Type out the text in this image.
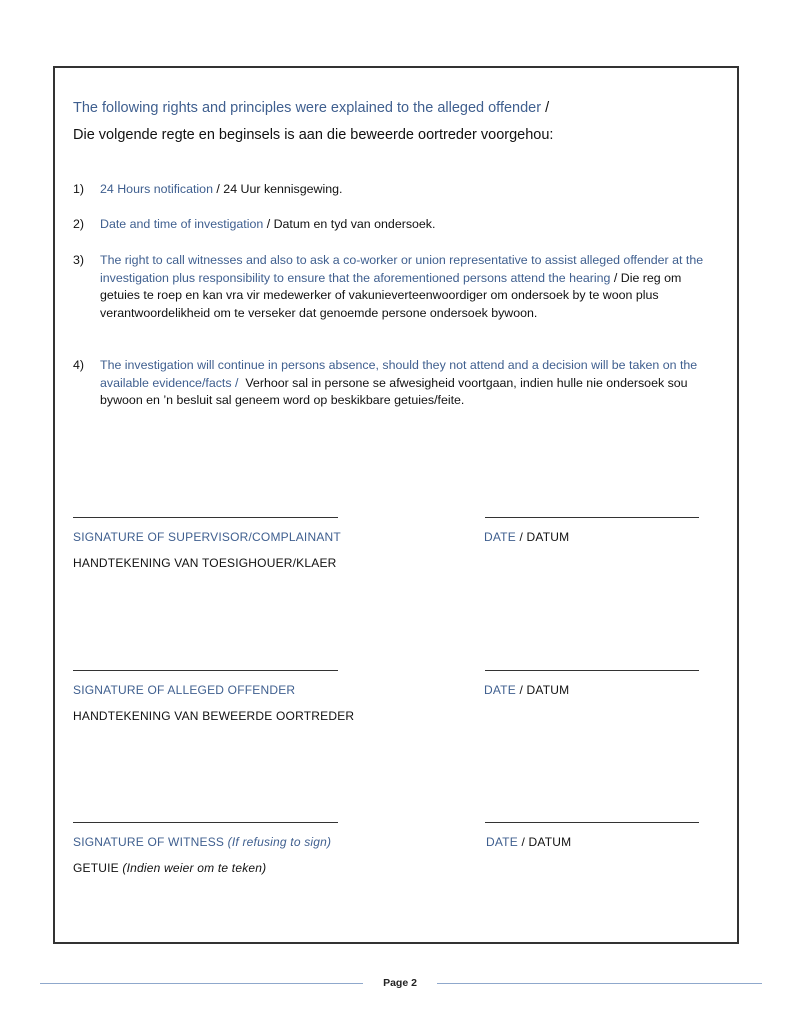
The following rights and principles were explained to the alleged offender /
Die volgende regte en beginsels is aan die beweerde oortreder voorgehou:
1)	24 Hours notification / 24 Uur kennisgewing.
2)	Date and time of investigation / Datum en tyd van ondersoek.
3)	The right to call witnesses and also to ask a co-worker or union representative to assist alleged offender at the investigation plus responsibility to ensure that the aforementioned persons attend the hearing / Die reg om getuies te roep en kan vra vir medewerker of vakunieverteenwoordiger om ondersoek by te woon plus verantwoordelikheid om te verseker dat genoemde persone ondersoek bywoon.
4)	The investigation will continue in persons absence, should they not attend and a decision will be taken on the available evidence/facts / Verhoor sal in persone se afwesigheid voortgaan, indien hulle nie ondersoek sou bywoon en ’n besluit sal geneem word op beskikbare getuies/feite.
SIGNATURE OF SUPERVISOR/COMPLAINANT	DATE / DATUM
HANDTEKENING VAN TOESIGHOUER/KLAER
SIGNATURE OF ALLEGED OFFENDER	DATE / DATUM
HANDTEKENING VAN BEWEERDE OORTREDER
SIGNATURE OF WITNESS (If refusing to sign)	DATE / DATUM
GETUIE (Indien weier om te teken)
Page 2
